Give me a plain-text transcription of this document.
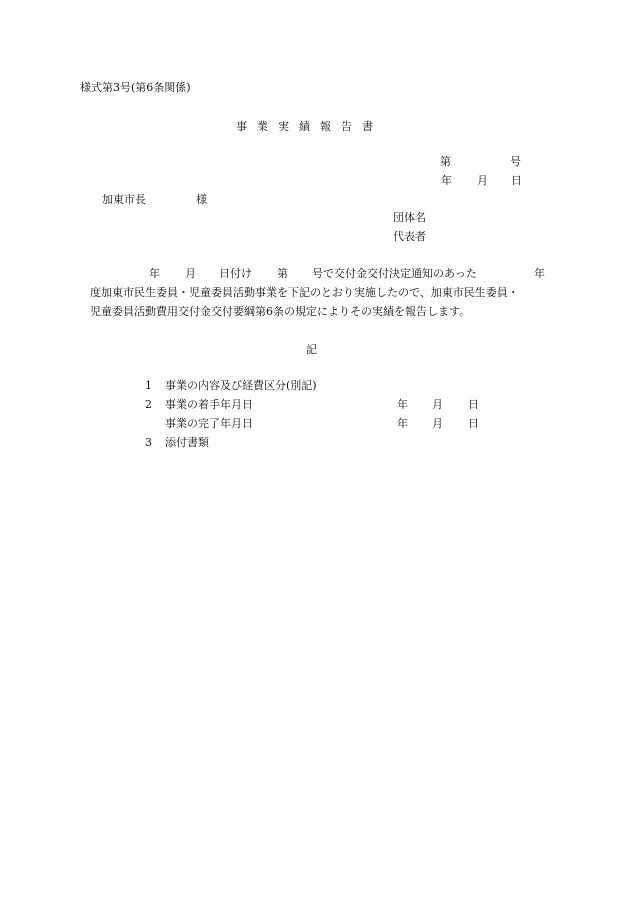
様式第3号(第6条関係)

事業実績報告書
第	号
年 月 日
加東市長	様
団体名
代表者
年 月 日付け 第 号で交付金交付決定通知のあった	年
度加東市民生委員・児童委員活動事業を下記のとおり実施したので、加東市民生委員・
児童委員活動費用交付金交付要綱第6条の規定によりその実績を報告します。
記
1 事業の内容及び経費区分(別記)
2 事業の着手年月日	年 月 日
事業の完了年月日	年 月 日
3 添付書類
